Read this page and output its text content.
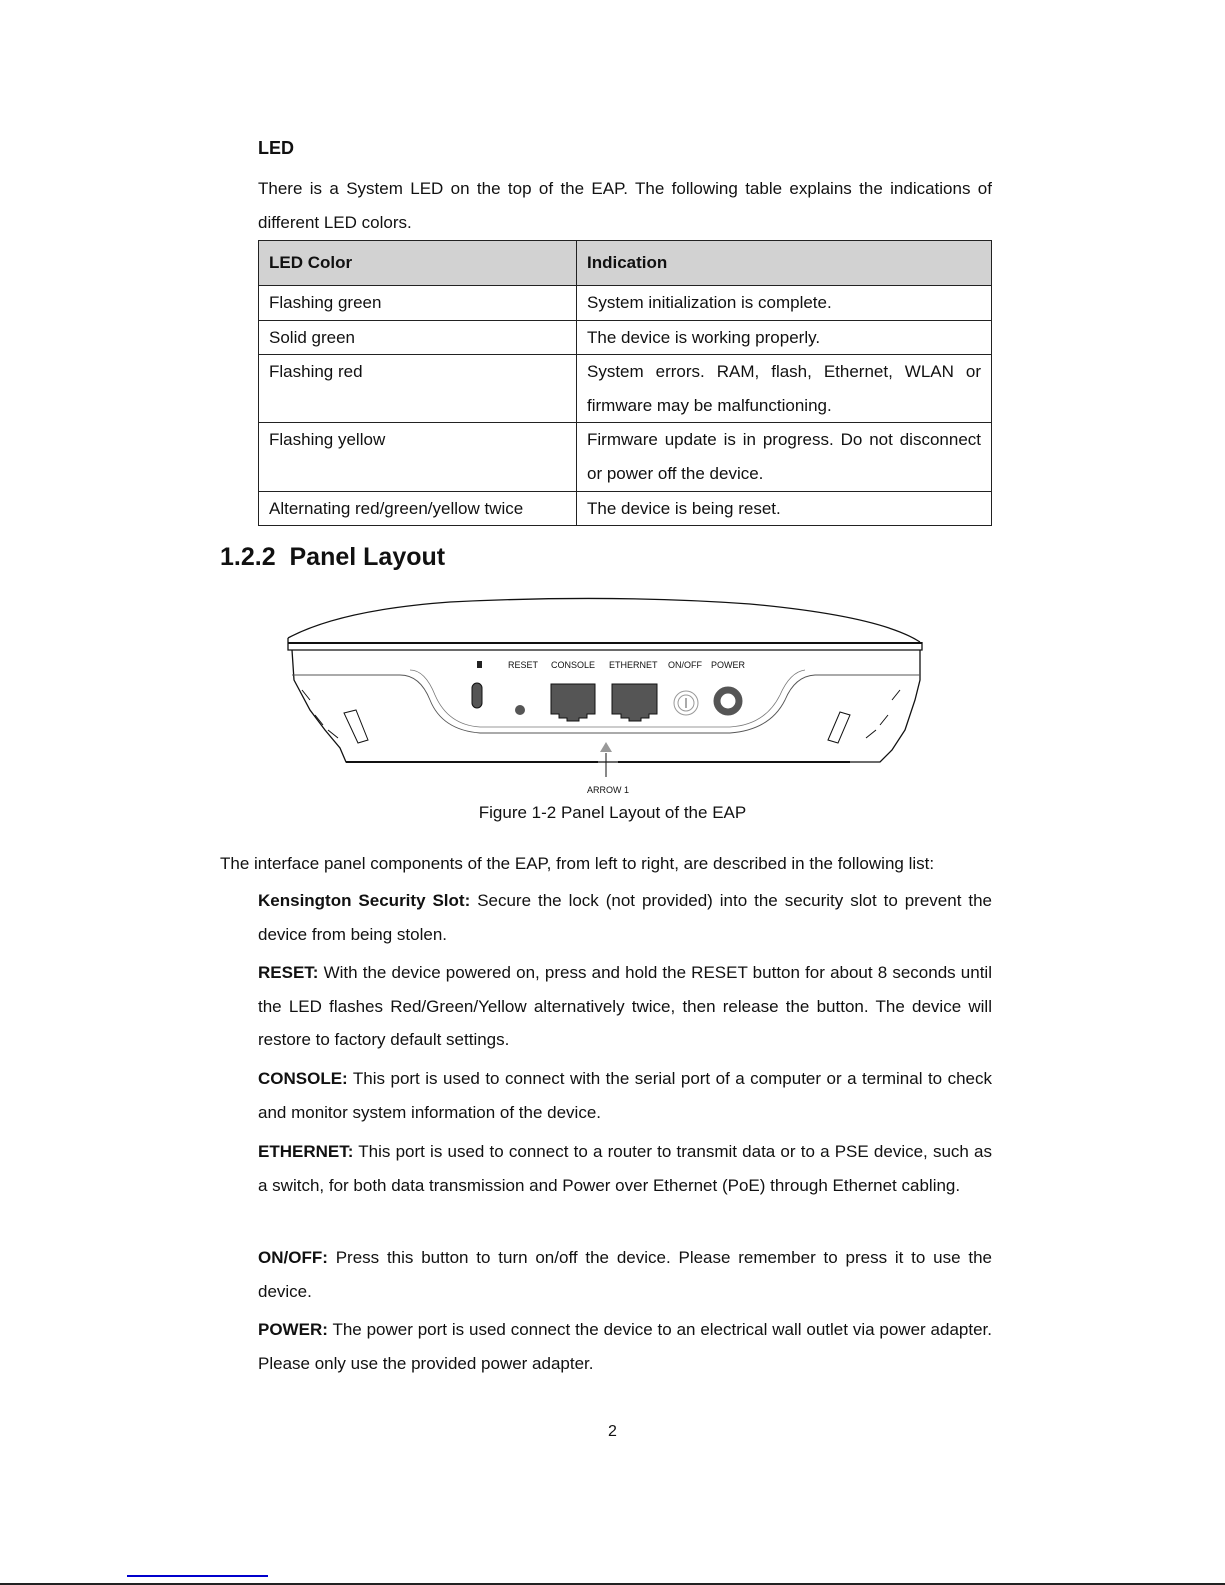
LED
There is a System LED on the top of the EAP. The following table explains the indications of different LED colors.
LED Color	Indication
Flashing green	System initialization is complete.
Solid green	The device is working properly.
Flashing red	System errors. RAM, flash, Ethernet, WLAN or firmware may be malfunctioning.
Flashing yellow	Firmware update is in progress. Do not disconnect or power off the device.
Alternating red/green/yellow twice	The device is being reset.
1.2.2  Panel Layout
RESET CONSOLE ETHERNET ON/OFF POWER
ARROW 1
Figure 1-2 Panel Layout of the EAP
The interface panel components of the EAP, from left to right, are described in the following list:
Kensington Security Slot: Secure the lock (not provided) into the security slot to prevent the device from being stolen.
RESET: With the device powered on, press and hold the RESET button for about 8 seconds until the LED flashes Red/Green/Yellow alternatively twice, then release the button. The device will restore to factory default settings.
CONSOLE: This port is used to connect with the serial port of a computer or a terminal to check and monitor system information of the device.
ETHERNET: This port is used to connect to a router to transmit data or to a PSE device, such as a switch, for both data transmission and Power over Ethernet (PoE) through Ethernet cabling.
ON/OFF: Press this button to turn on/off the device. Please remember to press it to use the device.
POWER: The power port is used connect the device to an electrical wall outlet via power adapter. Please only use the provided power adapter.
2
